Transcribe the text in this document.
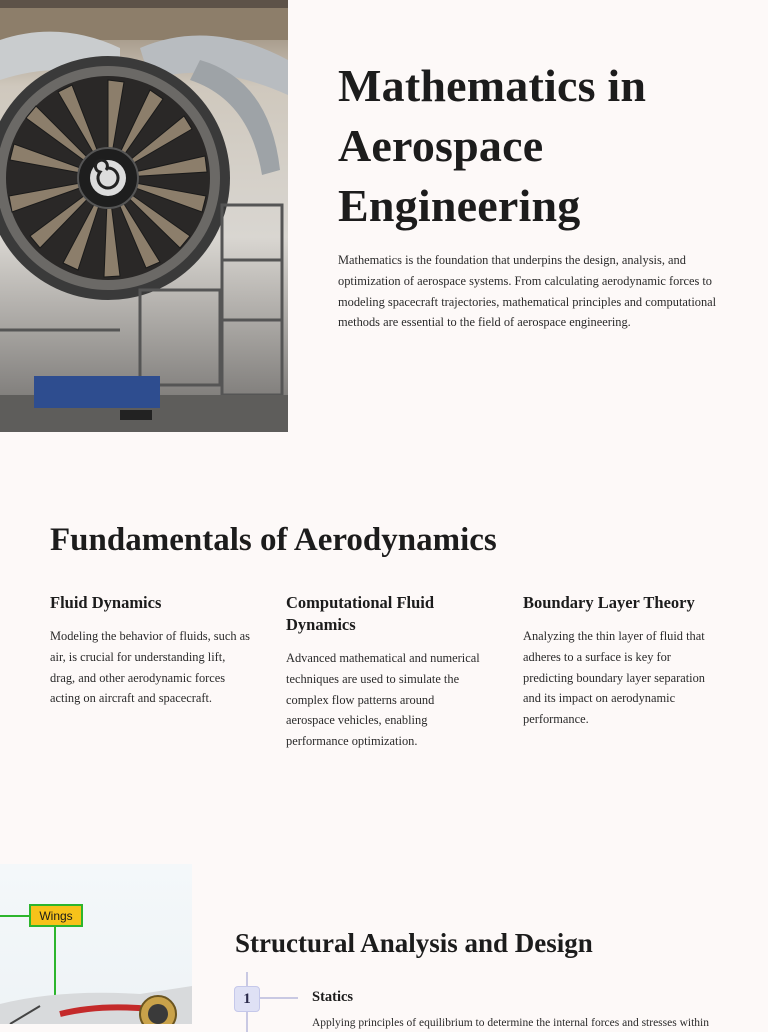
Mathematics in Aerospace Engineering

Mathematics is the foundation that underpins the design, analysis, and optimization of aerospace systems. From calculating aerodynamic forces to modeling spacecraft trajectories, mathematical principles and computational methods are essential to the field of aerospace engineering.

Fundamentals of Aerodynamics
Fluid Dynamics

Modeling the behavior of fluids, such as air, is crucial for understanding lift, drag, and other aerodynamic forces acting on aircraft and spacecraft.

Computational Fluid Dynamics

Advanced mathematical and numerical techniques are used to simulate the complex flow patterns around aerospace vehicles, enabling performance optimization.

Boundary Layer Theory

Analyzing the thin layer of fluid that adheres to a surface is key for predicting boundary layer separation and its impact on aerodynamic performance.

Wings
Structural Analysis and Design
1	Statics

Applying principles of equilibrium to determine the internal forces and stresses within
